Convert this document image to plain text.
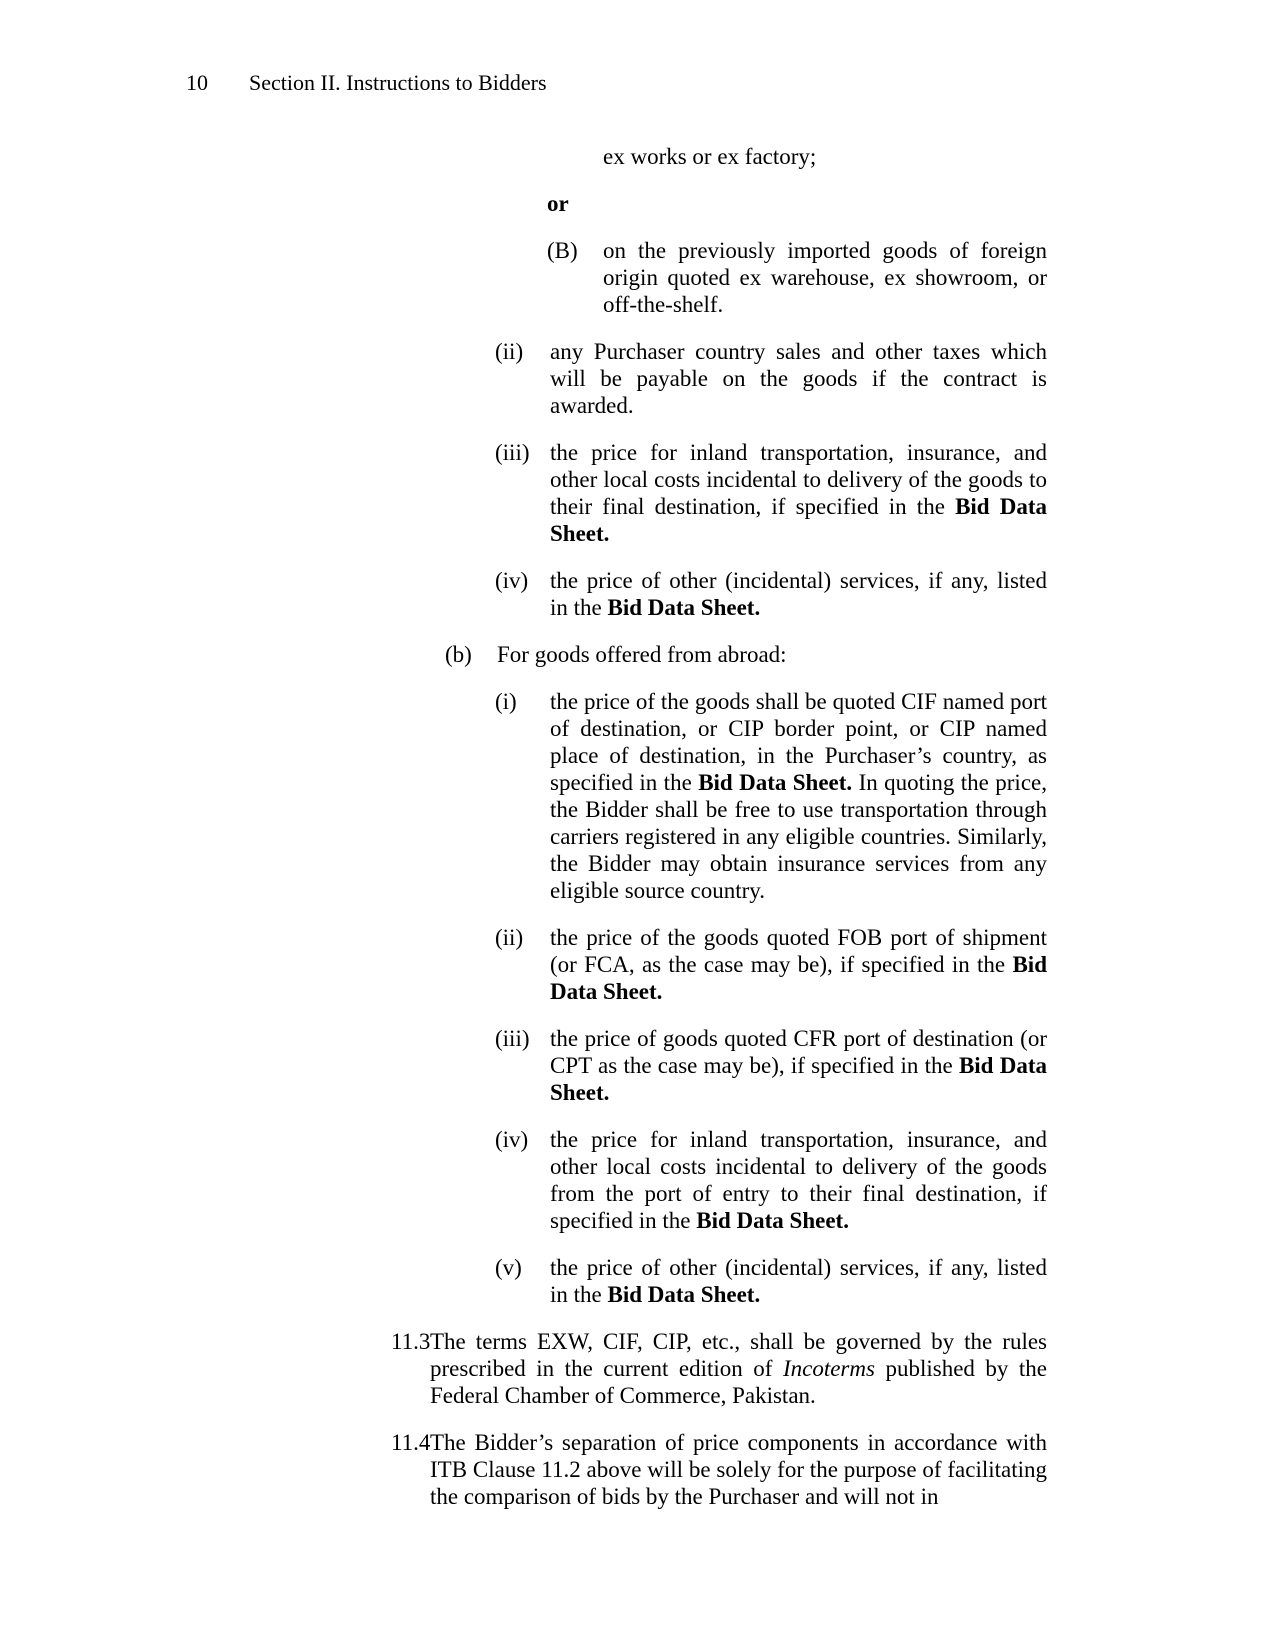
10 Section II. Instructions to Bidders
ex works or ex factory;
or
(B)	on the previously imported goods of foreign origin quoted ex warehouse, ex showroom, or off-the-shelf.
(ii)	any Purchaser country sales and other taxes which will be payable on the goods if the contract is awarded.
(iii) the price for inland transportation, insurance, and other local costs incidental to delivery of the goods to their final destination, if specified in the Bid Data Sheet.
(iv) the price of other (incidental) services, if any, listed in the Bid Data Sheet.
(b)	For goods offered from abroad:
(i)	the price of the goods shall be quoted CIF named port of destination, or CIP border point, or CIP named place of destination, in the Purchaser’s country, as specified in the Bid Data Sheet. In quoting the price, the Bidder shall be free to use transportation through carriers registered in any eligible countries. Similarly, the Bidder may obtain insurance services from any eligible source country.
(ii)	the price of the goods quoted FOB port of shipment (or FCA, as the case may be), if specified in the Bid Data Sheet.
(iii) the price of goods quoted CFR port of destination (or CPT as the case may be), if specified in the Bid Data Sheet.
(iv) the price for inland transportation, insurance, and other local costs incidental to delivery of the goods from the port of entry to their final destination, if specified in the Bid Data Sheet.
(v)	the price of other (incidental) services, if any, listed in the Bid Data Sheet.
11.3 The terms EXW, CIF, CIP, etc., shall be governed by the rules prescribed in the current edition of Incoterms published by the Federal Chamber of Commerce, Pakistan.
11.4 The Bidder’s separation of price components in accordance with ITB Clause 11.2 above will be solely for the purpose of facilitating the comparison of bids by the Purchaser and will not in
